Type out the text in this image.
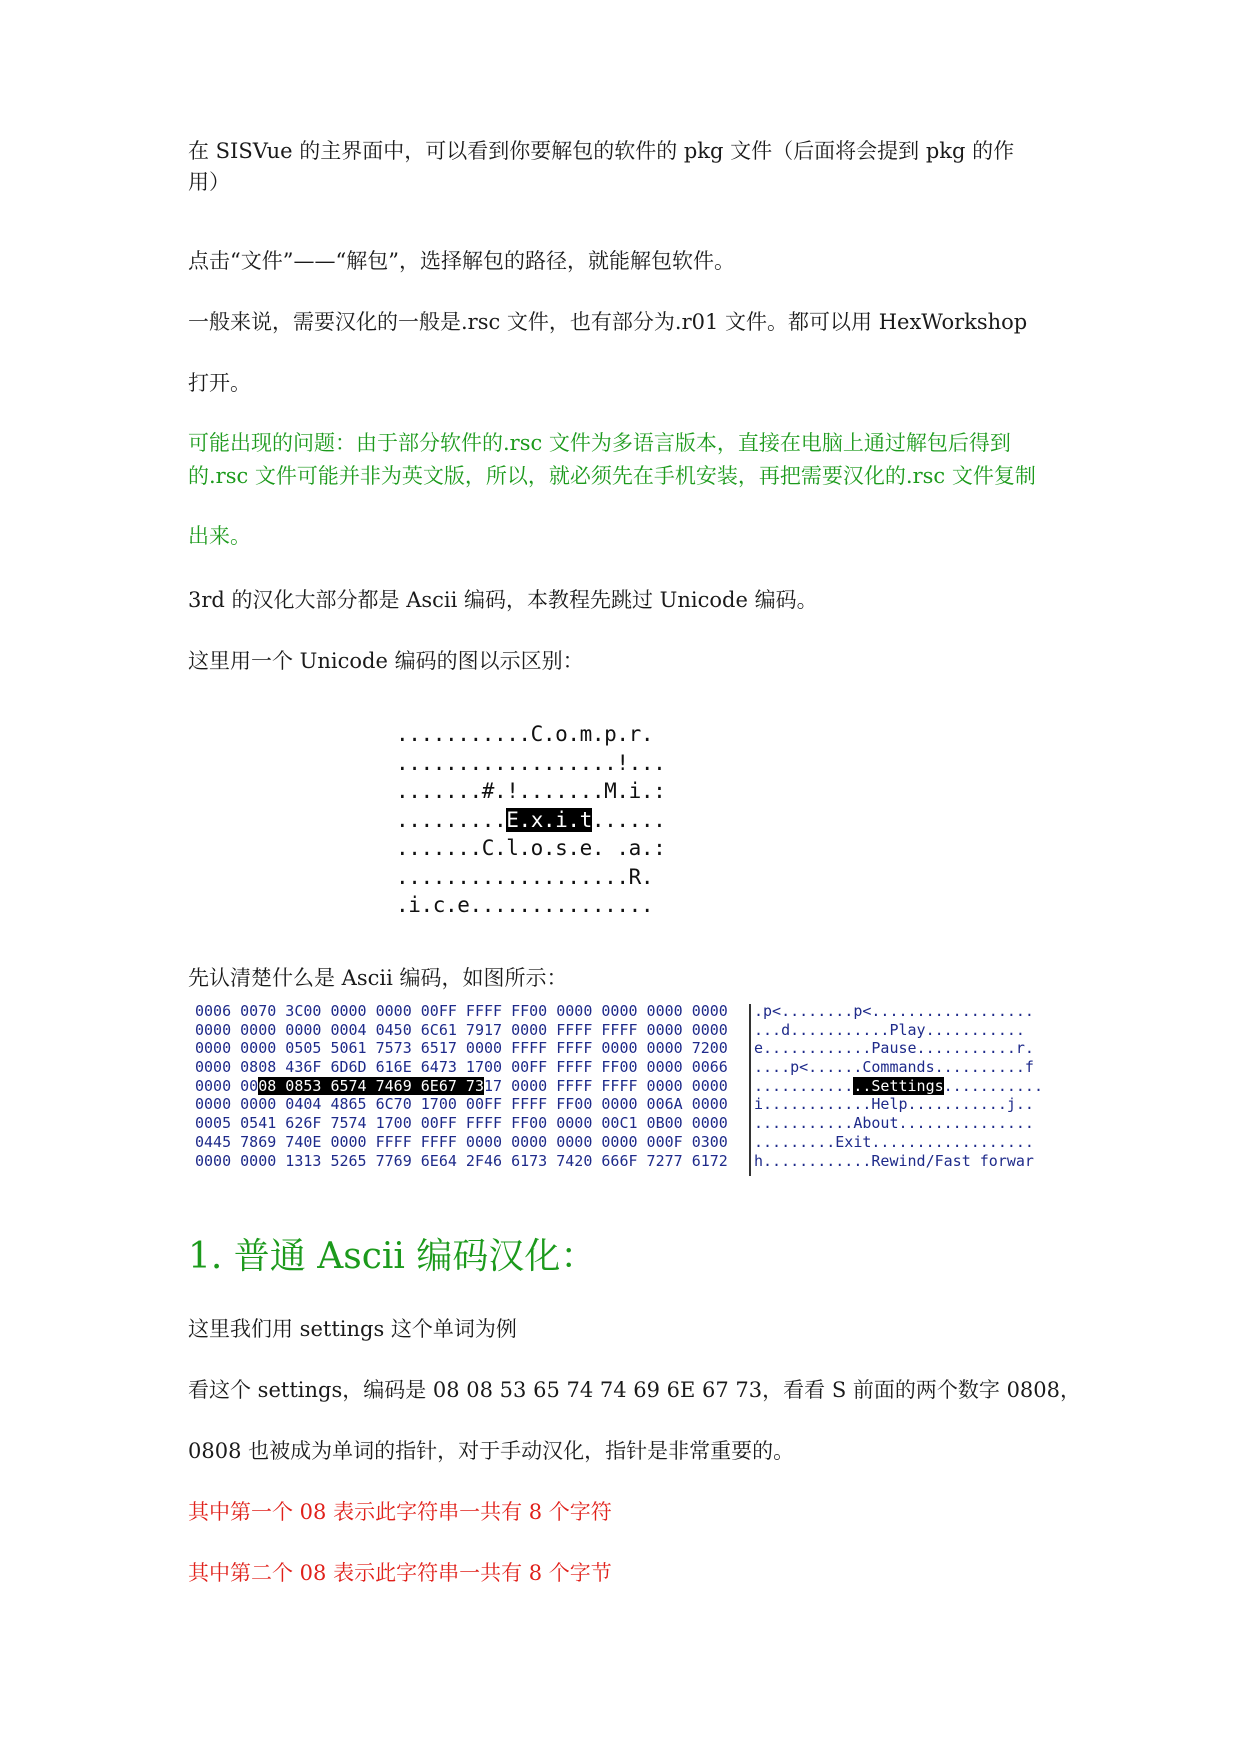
在 SISVue 的主界面中，可以看到你要解包的软件的 pkg 文件（后面将会提到 pkg 的作
用）
点击“文件”——“解包”，选择解包的路径，就能解包软件。
一般来说，需要汉化的一般是.rsc 文件，也有部分为.r01 文件。都可以用 HexWorkshop
打开。
可能出现的问题：由于部分软件的.rsc 文件为多语言版本，直接在电脑上通过解包后得到
的.rsc 文件可能并非为英文版，所以，就必须先在手机安装，再把需要汉化的.rsc 文件复制
出来。
3rd 的汉化大部分都是 Ascii 编码，本教程先跳过 Unicode 编码。
这里用一个 Unicode 编码的图以示区别：
...........C.o.m.p.r.
..................!...
.......#.!.......M.i.:
.........E.x.i.t......
.......C.l.o.s.e. .a.:
...................R.
.i.c.e...............
先认清楚什么是 Ascii 编码，如图所示：
0006 0070 3C00 0000 0000 00FF FFFF FF00 0000 0000 0000 0000
0000 0000 0000 0004 0450 6C61 7917 0000 FFFF FFFF 0000 0000
0000 0000 0505 5061 7573 6517 0000 FFFF FFFF 0000 0000 7200
0000 0808 436F 6D6D 616E 6473 1700 00FF FFFF FF00 0000 0066
0000 0008 0853 6574 7469 6E67 7317 0000 FFFF FFFF 0000 0000
0000 0000 0404 4865 6C70 1700 00FF FFFF FF00 0000 006A 0000
0005 0541 626F 7574 1700 00FF FFFF FF00 0000 00C1 0B00 0000
0445 7869 740E 0000 FFFF FFFF 0000 0000 0000 0000 000F 0300
0000 0000 1313 5265 7769 6E64 2F46 6173 7420 666F 7277 6172
.p<........p<..................
...d...........Play...........
e............Pause...........r.
....p<......Commands..........f
.............Settings...........
i............Help...........j..
...........About...............
.........Exit..................
h............Rewind/Fast forwar
1. 普通 Ascii 编码汉化：
这里我们用 settings 这个单词为例
看这个 settings，编码是 08 08 53 65 74 74 69 6E 67 73，看看 S 前面的两个数字 0808，
0808 也被成为单词的指针，对于手动汉化，指针是非常重要的。
其中第一个 08 表示此字符串一共有 8 个字符
其中第二个 08 表示此字符串一共有 8 个字节
